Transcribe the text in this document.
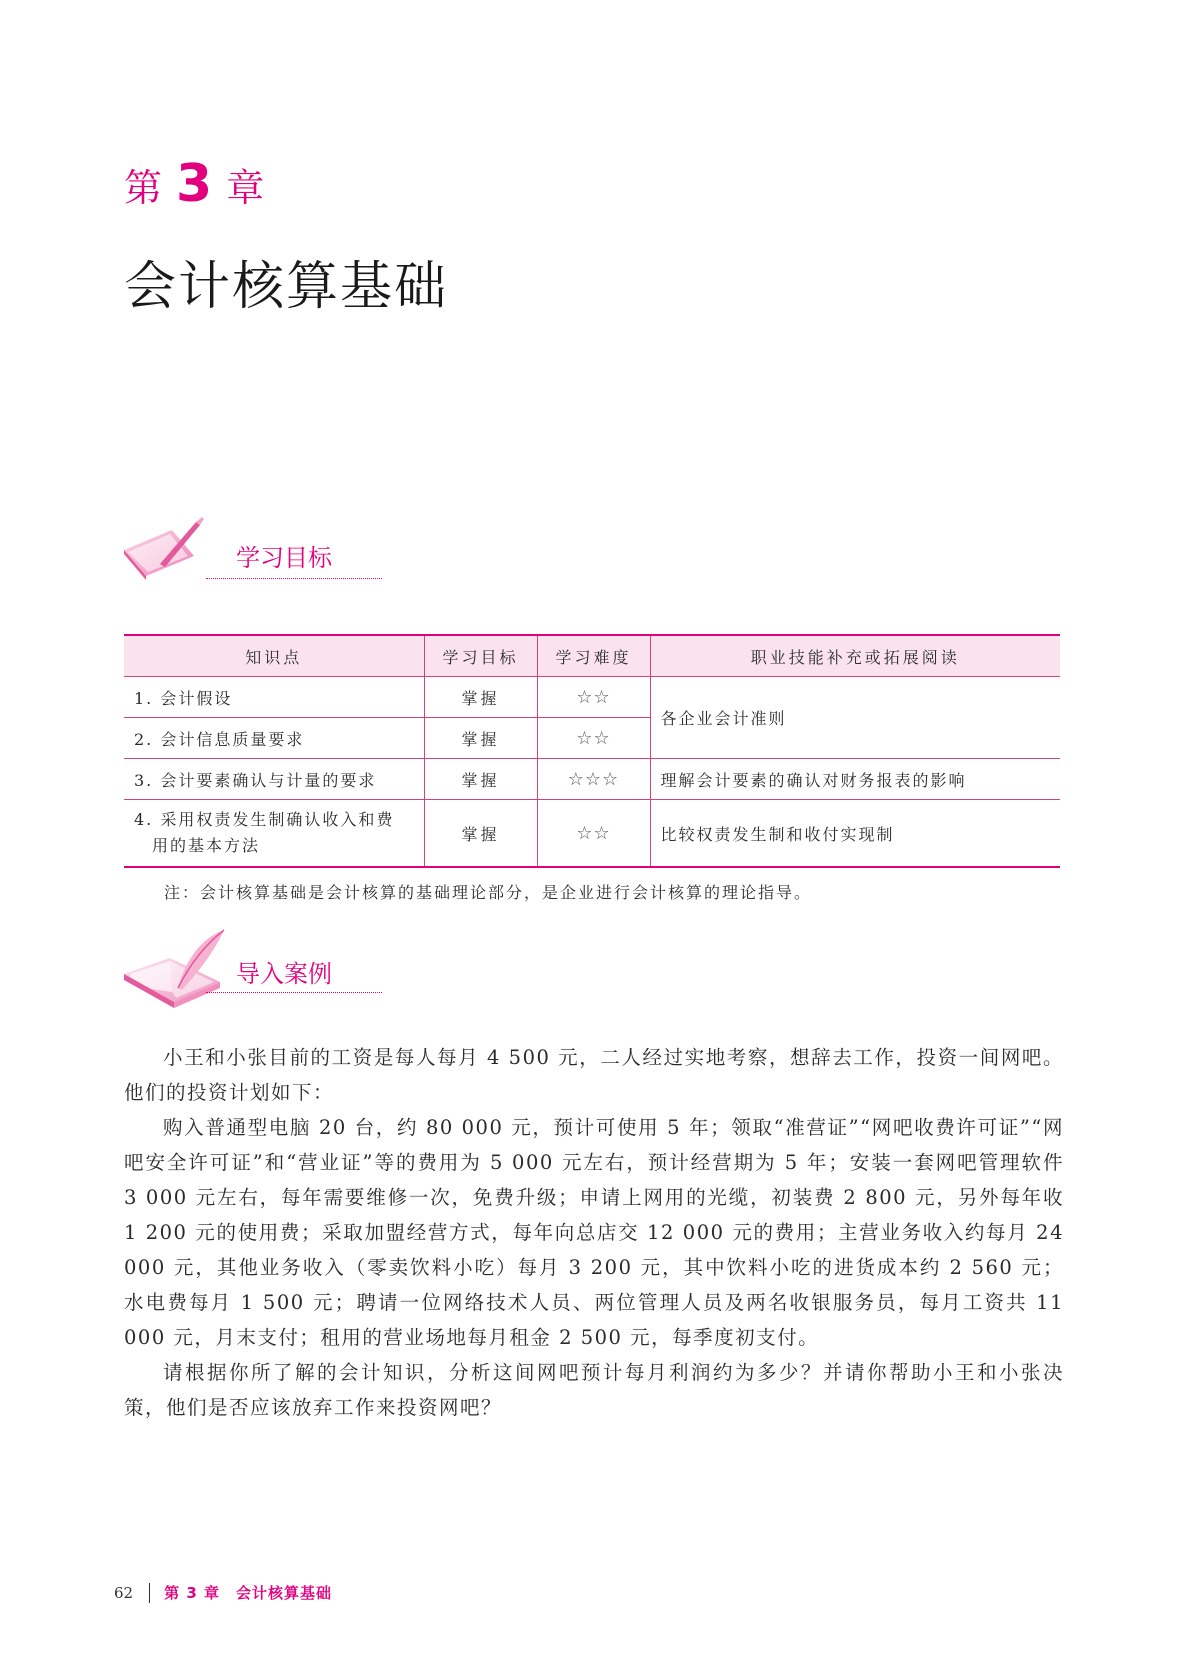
第 3 章
会计核算基础
学习目标
知识点	学习目标	学习难度	职业技能补充或拓展阅读
1. 会计假设	掌握	☆☆	各企业会计准则
2. 会计信息质量要求	掌握	☆☆	
3. 会计要素确认与计量的要求	掌握	☆☆☆	理解会计要素的确认对财务报表的影响

4. 采用权责发生制确认收入和费
用的基本方法	掌握	☆☆	比较权责发生制和收付实现制
注：会计核算基础是会计核算的基础理论部分，是企业进行会计核算的理论指导。
导入案例

小王和小张目前的工资是每人每月 4 500 元，二人经过实地考察，想辞去工作，投资一间网吧。他们的投资计划如下：

购入普通型电脑 20 台，约 80 000 元，预计可使用 5 年；领取“准营证”“网吧收费许可证”“网吧安全许可证”和“营业证”等的费用为 5 000 元左右，预计经营期为 5 年；安装一套网吧管理软件 3 000 元左右，每年需要维修一次，免费升级；申请上网用的光缆，初装费 2 800 元，另外每年收 1 200 元的使用费；采取加盟经营方式，每年向总店交 12 000 元的费用；主营业务收入约每月 24 000 元，其他业务收入（零卖饮料小吃）每月 3 200 元，其中饮料小吃的进货成本约 2 560 元；水电费每月 1 500 元；聘请一位网络技术人员、两位管理人员及两名收银服务员，每月工资共 11 000 元，月末支付；租用的营业场地每月租金 2 500 元，每季度初支付。

请根据你所了解的会计知识，分析这间网吧预计每月利润约为多少？并请你帮助小王和小张决策，他们是否应该放弃工作来投资网吧？

62 第 3 章　会计核算基础
